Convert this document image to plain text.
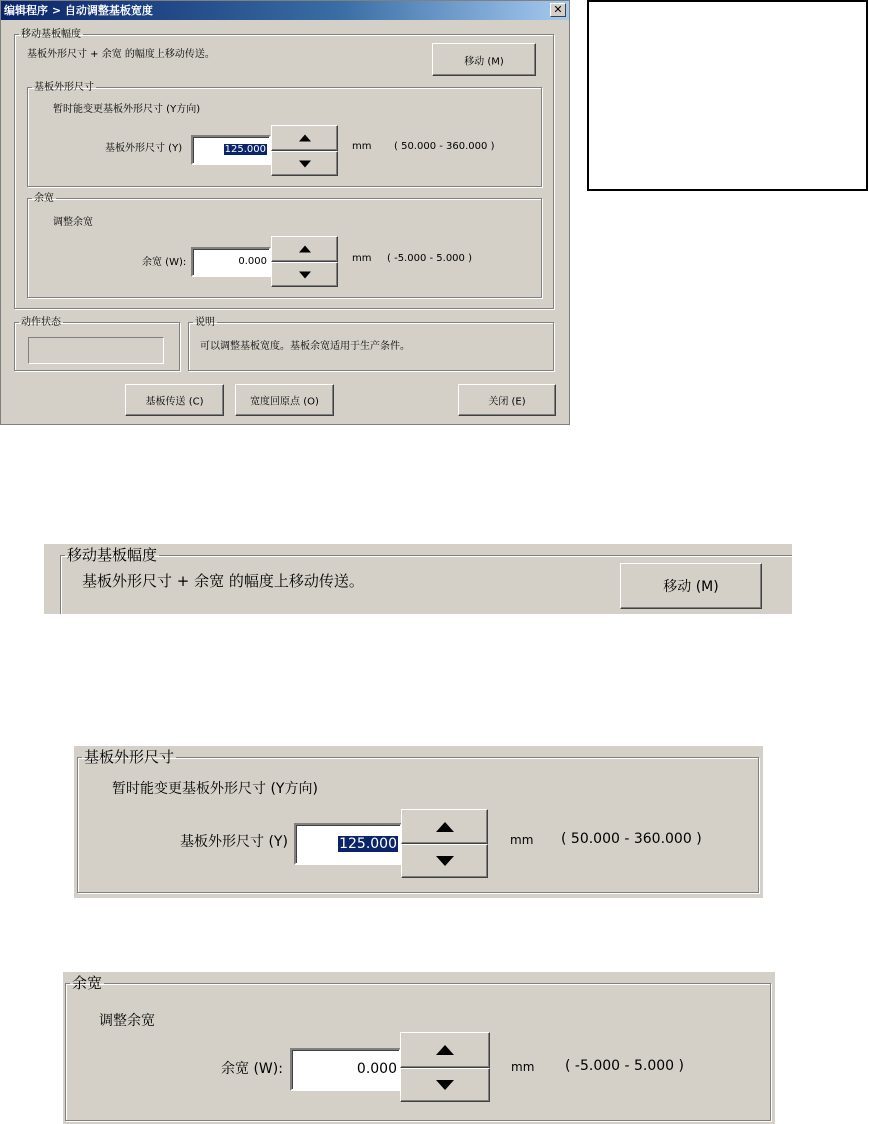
编辑程序 > 自动调整基板宽度	✕
移动基板幅度
基板外形尺寸 + 余宽 的幅度上移动传送。
移动 (M)
基板外形尺寸
暂时能变更基板外形尺寸 (Y方向)
基板外形尺寸 (Y)	125.000	mm ( 50.000 - 360.000 )
余宽
调整余宽
余宽 (W):	0.000	mm ( -5.000 - 5.000 )
动作状态	说明
可以调整基板宽度。基板余宽适用于生产条件。
基板传送 (C)	宽度回原点 (O)	关闭 (E)
移动基板幅度
基板外形尺寸 + 余宽 的幅度上移动传送。	移动 (M)
基板外形尺寸
暂时能变更基板外形尺寸 (Y方向)
基板外形尺寸 (Y)	125.000	mm ( 50.000 - 360.000 )
余宽
调整余宽
余宽 (W):	0.000	mm ( -5.000 - 5.000 )
